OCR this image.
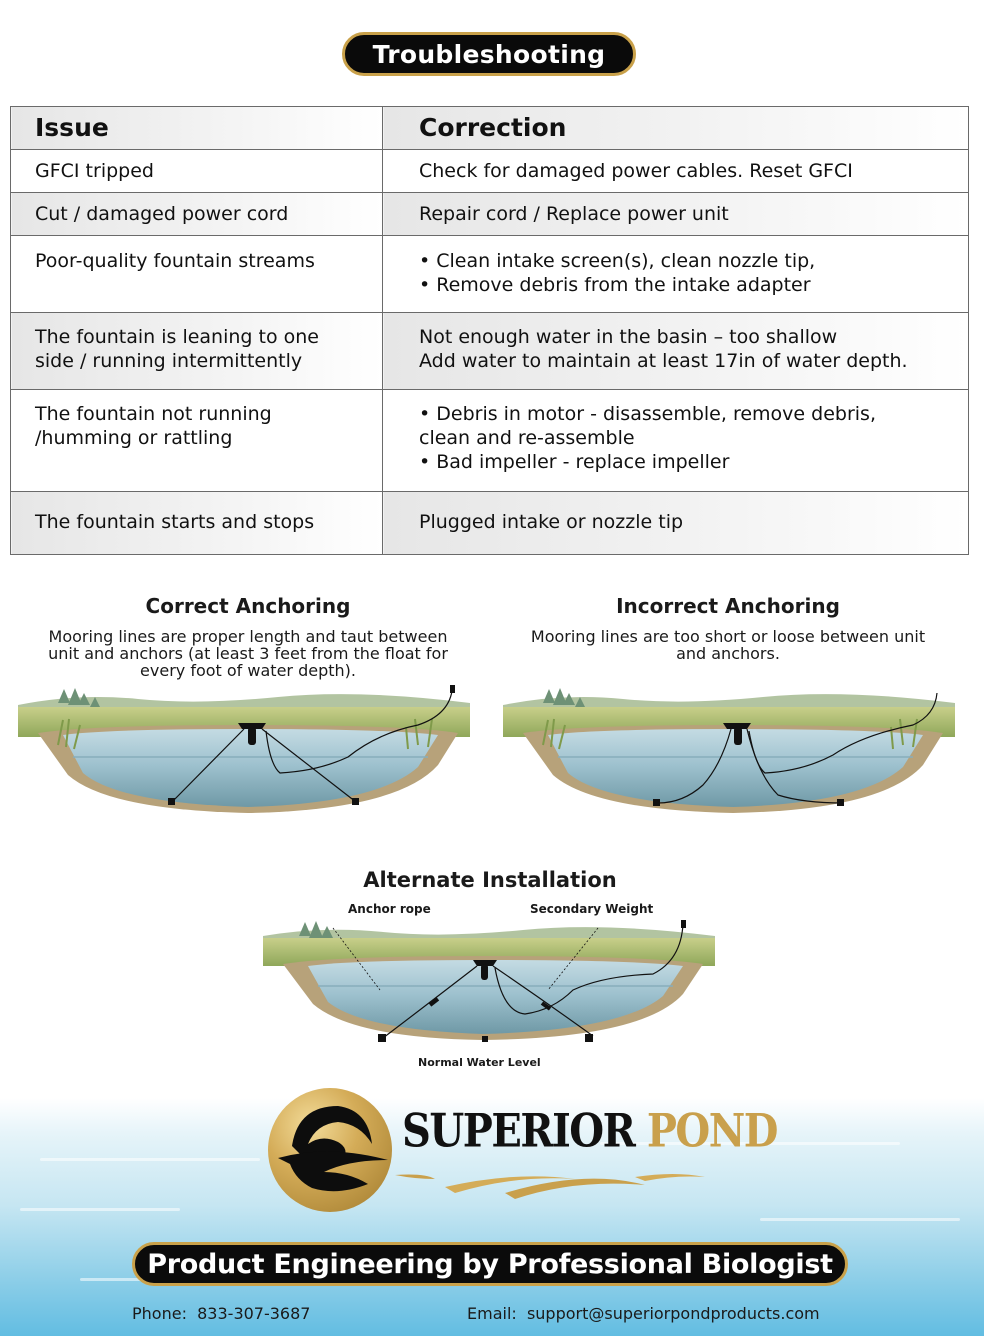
Troubleshooting
Issue	Correction

GFCI tripped	Check for damaged power cables. Reset GFCI

Cut / damaged power cord	Repair cord / Replace power unit

Poor-quality fountain streams	• Clean intake screen(s), clean nozzle tip,
• Remove debris from the intake adapter

The fountain is leaning to one
side / running intermittently	Not enough water in the basin – too shallow
Add water to maintain at least 17in of water depth.

The fountain not running
/humming or rattling	• Debris in motor - disassemble, remove debris,
clean and re-assemble
• Bad impeller - replace impeller

The fountain starts and stops	Plugged intake or nozzle tip
Correct Anchoring
Mooring lines are proper length and taut between
unit and anchors (at least 3 feet from the float for
every foot of water depth).
Incorrect Anchoring
Mooring lines are too short or loose between unit
and anchors.
Alternate Installation
Anchor rope	Secondary Weight
Normal Water Level
SUPERIOR POND
Product Engineering by Professional Biologist
Phone: 833-307-3687	Email: support@superiorpondproducts.com
